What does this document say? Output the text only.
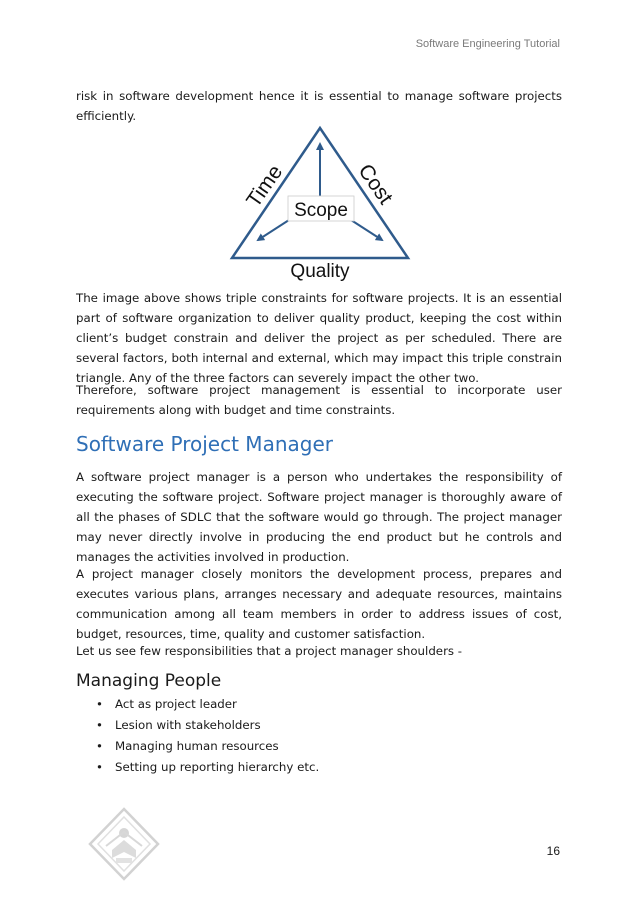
Software Engineering Tutorial

risk in software development hence it is essential to manage software projects efficiently.

Time	Cost
Scope
Quality

The image above shows triple constraints for software projects. It is an essential part of software organization to deliver quality product, keeping the cost within client’s budget constrain and deliver the project as per scheduled. There are several factors, both internal and external, which may impact this triple constrain triangle. Any of the three factors can severely impact the other two.

Therefore, software project management is essential to incorporate user requirements along with budget and time constraints.

Software Project Manager

A software project manager is a person who undertakes the responsibility of executing the software project. Software project manager is thoroughly aware of all the phases of SDLC that the software would go through. The project manager may never directly involve in producing the end product but he controls and manages the activities involved in production.

A project manager closely monitors the development process, prepares and executes various plans, arranges necessary and adequate resources, maintains communication among all team members in order to address issues of cost, budget, resources, time, quality and customer satisfaction.

Let us see few responsibilities that a project manager shoulders -

Managing People
• Act as project leader
• Lesion with stakeholders
• Managing human resources
• Setting up reporting hierarchy etc.
16
